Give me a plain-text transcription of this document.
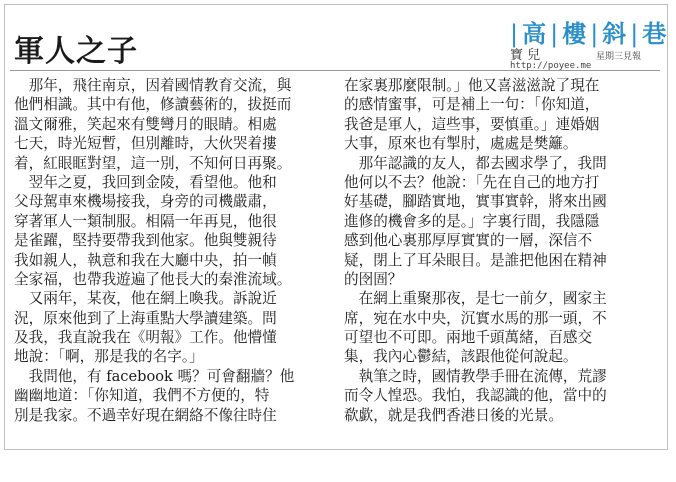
軍人之子	|高|樓|斜|巷
寶 兒	星期三見報
http://poyee.me
　那年，飛往南京，因着國情教育交流，與
他們相識。其中有他，修讀藝術的，拔挺而
溫文爾雅，笑起來有雙彎月的眼睛。相處
七天，時光短暫，但別離時，大伙哭着摟
着，紅眼眶對望，這一別，不知何日再聚。
　翌年之夏，我回到金陵，看望他。他和
父母駕車來機場接我，身旁的司機嚴肅，
穿著軍人一類制服。相隔一年再見，他很
是雀躍，堅持要帶我到他家。他與雙親待
我如親人，執意和我在大廳中央，拍一幀
全家福，也帶我遊遍了他長大的秦淮流域。
　又兩年，某夜，他在網上喚我。訴說近
況，原來他到了上海重點大學讀建築。問
及我，我直說我在《明報》工作。他懵懂
地說：「啊，那是我的名字。」
　我問他，有 facebook 嗎？可會翻牆？他
幽幽地道：「你知道，我們不方便的，特
別是我家。不過幸好現在網絡不像往時住
在家裏那麼限制。」他又喜滋滋說了現在
的感情蜜事，可是補上一句：「你知道，
我爸是軍人，這些事，要慎重。」連婚姻
大事，原來也有掣肘，處處是樊籬。
　那年認識的友人，都去國求學了，我問
他何以不去？他說：「先在自己的地方打
好基礎，腳踏實地，實事實幹，將來出國
進修的機會多的是。」字裏行間，我隱隱
感到他心裏那厚厚實實的一層，深信不
疑，閉上了耳朵眼目。是誰把他困在精神
的囹圄？
　在網上重聚那夜，是七一前夕，國家主
席，宛在水中央，沉實水馬的那一頭，不
可望也不可即。兩地千頭萬緒，百感交
集，我內心鬱結，該跟他從何說起。
　執筆之時，國情教學手冊在流傳，荒謬
而令人惶恐。我怕，我認識的他，當中的
欷歔，就是我們香港日後的光景。
